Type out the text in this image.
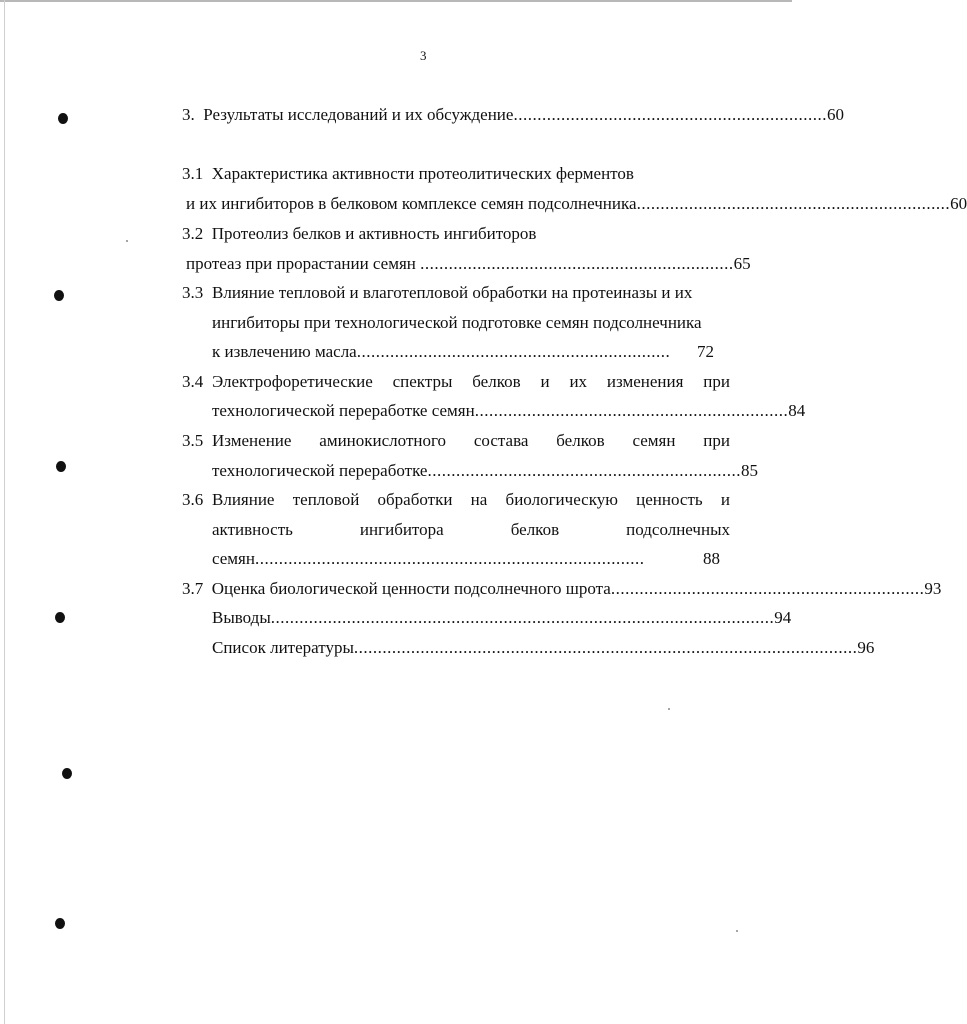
3
3.
Результаты исследований и их обсуждение .................................................................. 60
3.1 Характеристика активности протеолитических ферментов
и их ингибиторов в белковом комплексе семян подсолнечника .................................................................. 60
3.2 Протеолиз белков и активность ингибиторов
протеаз при прорастании семян
.................................................................. 65
3.3 Влияние тепловой и влаготепловой обработки на протеиназы и их
ингибиторы при технологической подготовке семян подсолнечника
к извлечению масла ..................................................................	72
3.4 Электрофоретические спектры белков и их изменения при
технологической переработке семян .................................................................. 84
3.5 Изменение аминокислотного состава белков семян при
технологической переработке .................................................................. 85
3.6 Влияние тепловой обработки на биологическую ценность и
активность ингибитора белков подсолнечных
семян ..................................................................................	88
3.7
Оценка биологической ценности подсолнечного шрота .................................................................. 93
Выводы .......................................................................................................... 94
Список литературы .......................................................................................................... 96
